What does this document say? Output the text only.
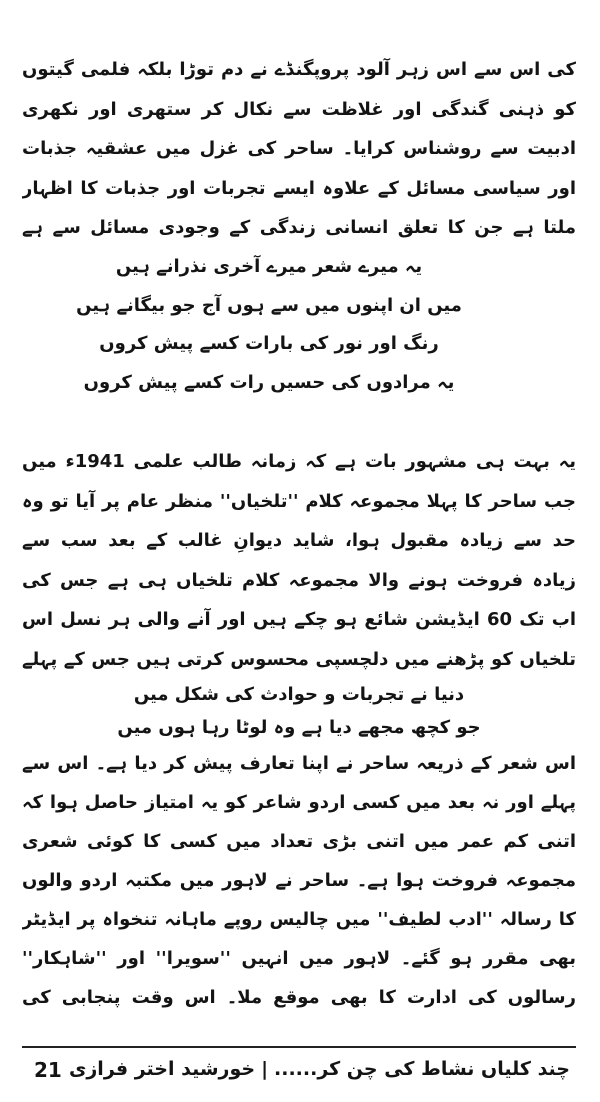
کی اس سے اس زہر آلود پروپگنڈے نے دم توڑا بلکہ فلمی گیتوں کو ذہنی گندگی اور غلاظت سے نکال کر ستھری اور نکھری ادبیت سے روشناس کرایا۔ ساحر کی غزل میں عشقیہ جذبات اور سیاسی مسائل کے علاوہ ایسے تجربات اور جذبات کا اظہار ملتا ہے جن کا تعلق انسانی زندگی کے وجودی مسائل سے ہے

یہ میرے شعر میرے آخری نذرانے ہیں
میں ان اپنوں میں سے ہوں آج جو بیگانے ہیں
رنگ اور نور کی بارات کسے پیش کروں
یہ مرادوں کی حسیں رات کسے پیش کروں

یہ بہت ہی مشہور بات ہے کہ زمانہ طالب علمی 1941ء میں جب ساحر کا پہلا مجموعہ کلام ''تلخیاں'' منظر عام پر آیا تو وہ حد سے زیادہ مقبول ہوا، شاید دیوانِ غالب کے بعد سب سے زیادہ فروخت ہونے والا مجموعہ کلام تلخیاں ہی ہے جس کی اب تک 60 ایڈیشن شائع ہو چکے ہیں اور آنے والی ہر نسل اس تلخیاں کو پڑھنے میں دلچسپی محسوس کرتی ہیں جس کے پہلے

دنیا نے تجربات و حوادث کی شکل میں
جو کچھ مجھے دیا ہے وہ لوٹا رہا ہوں میں

اس شعر کے ذریعہ ساحر نے اپنا تعارف پیش کر دیا ہے۔ اس سے پہلے اور نہ بعد میں کسی اردو شاعر کو یہ امتیاز حاصل ہوا کہ اتنی کم عمر میں اتنی بڑی تعداد میں کسی کا کوئی شعری مجموعہ فروخت ہوا ہے۔ ساحر نے لاہور میں مکتبہ اردو والوں کا رسالہ ''ادب لطیف'' میں چالیس روپے ماہانہ تنخواہ پر ایڈیٹر بھی مقرر ہو گئے۔ لاہور میں انہیں ''سویرا'' اور ''شاہکار'' رسالوں کی ادارت کا بھی موقع ملا۔ اس وقت پنجابی کی

21	چند کلیاں نشاط کی چن کر......|خورشید اختر فرازی
